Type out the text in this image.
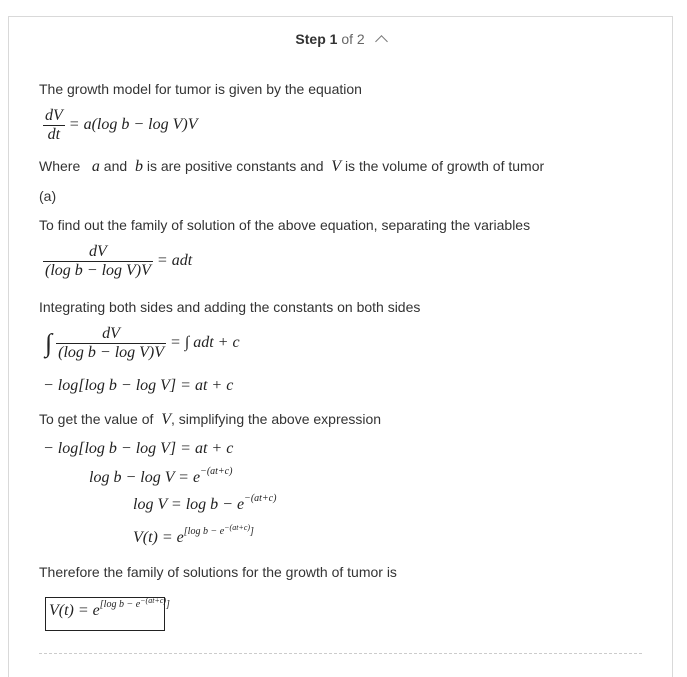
Step 1 of 2
The growth model for tumor is given by the equation
$\frac{dV}{dt} = a(\log$ b − log V)V
Where a and b is are positive constants and V is the volume of growth of tumor
(a)
To find out the family of solution of the above equation, separating the variables
$\frac{dV}{\text{(log b − log V)V}}$ = adt
Integrating both sides and adding the constants on both sides
∫ $\frac{dV}{\text{(log b − log V)V}}$ = ∫ adt + c
− log[log b − log V] = at + c
To get the value of V, simplifying the above expression
− log[log b − log V] = at + c
$\log b - \log V = e^{-(at+c)}$
$\log V = \log b - e^{-(at+c)}$
V(t) = e[log b − e−(at+c)]
Therefore the family of solutions for the growth of tumor is
V(t) = e[log b − e−(at+c)]
